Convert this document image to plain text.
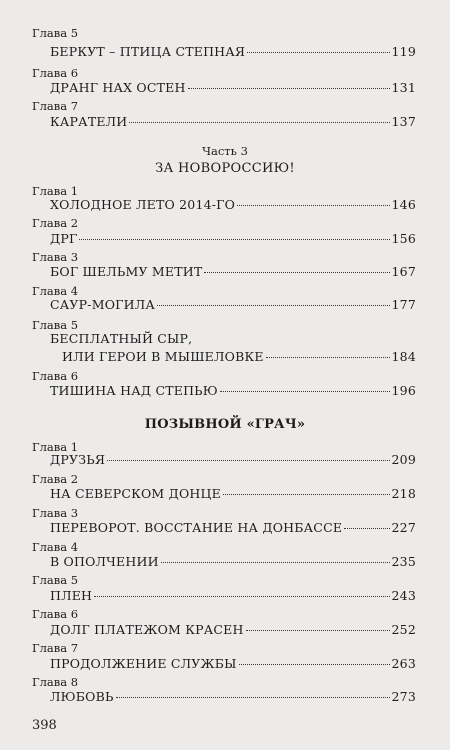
Глава 5
БЕРКУТ – ПТИЦА СТЕПНАЯ	119
Глава 6
ДРАНГ НАХ ОСТЕН	131
Глава 7
КАРАТЕЛИ	137
Часть 3
ЗА НОВОРОССИЮ!
Глава 1
ХОЛОДНОЕ ЛЕТО 2014-ГО	146
Глава 2
ДРГ	156
Глава 3
БОГ ШЕЛЬМУ МЕТИТ	167
Глава 4
САУР-МОГИЛА	177
Глава 5
БЕСПЛАТНЫЙ СЫР,
ИЛИ ГЕРОИ В МЫШЕЛОВКЕ	184
Глава 6
ТИШИНА НАД СТЕПЬЮ	196
ПОЗЫВНОЙ «ГРАЧ»
Глава 1
ДРУЗЬЯ	209
Глава 2
НА СЕВЕРСКОМ ДОНЦЕ	218
Глава 3
ПЕРЕВОРОТ. ВОССТАНИЕ НА ДОНБАССЕ	227
Глава 4
В ОПОЛЧЕНИИ	235
Глава 5
ПЛЕН	243
Глава 6
ДОЛГ ПЛАТЕЖОМ КРАСЕН	252
Глава 7
ПРОДОЛЖЕНИЕ СЛУЖБЫ	263
Глава 8
ЛЮБОВЬ	273
398
